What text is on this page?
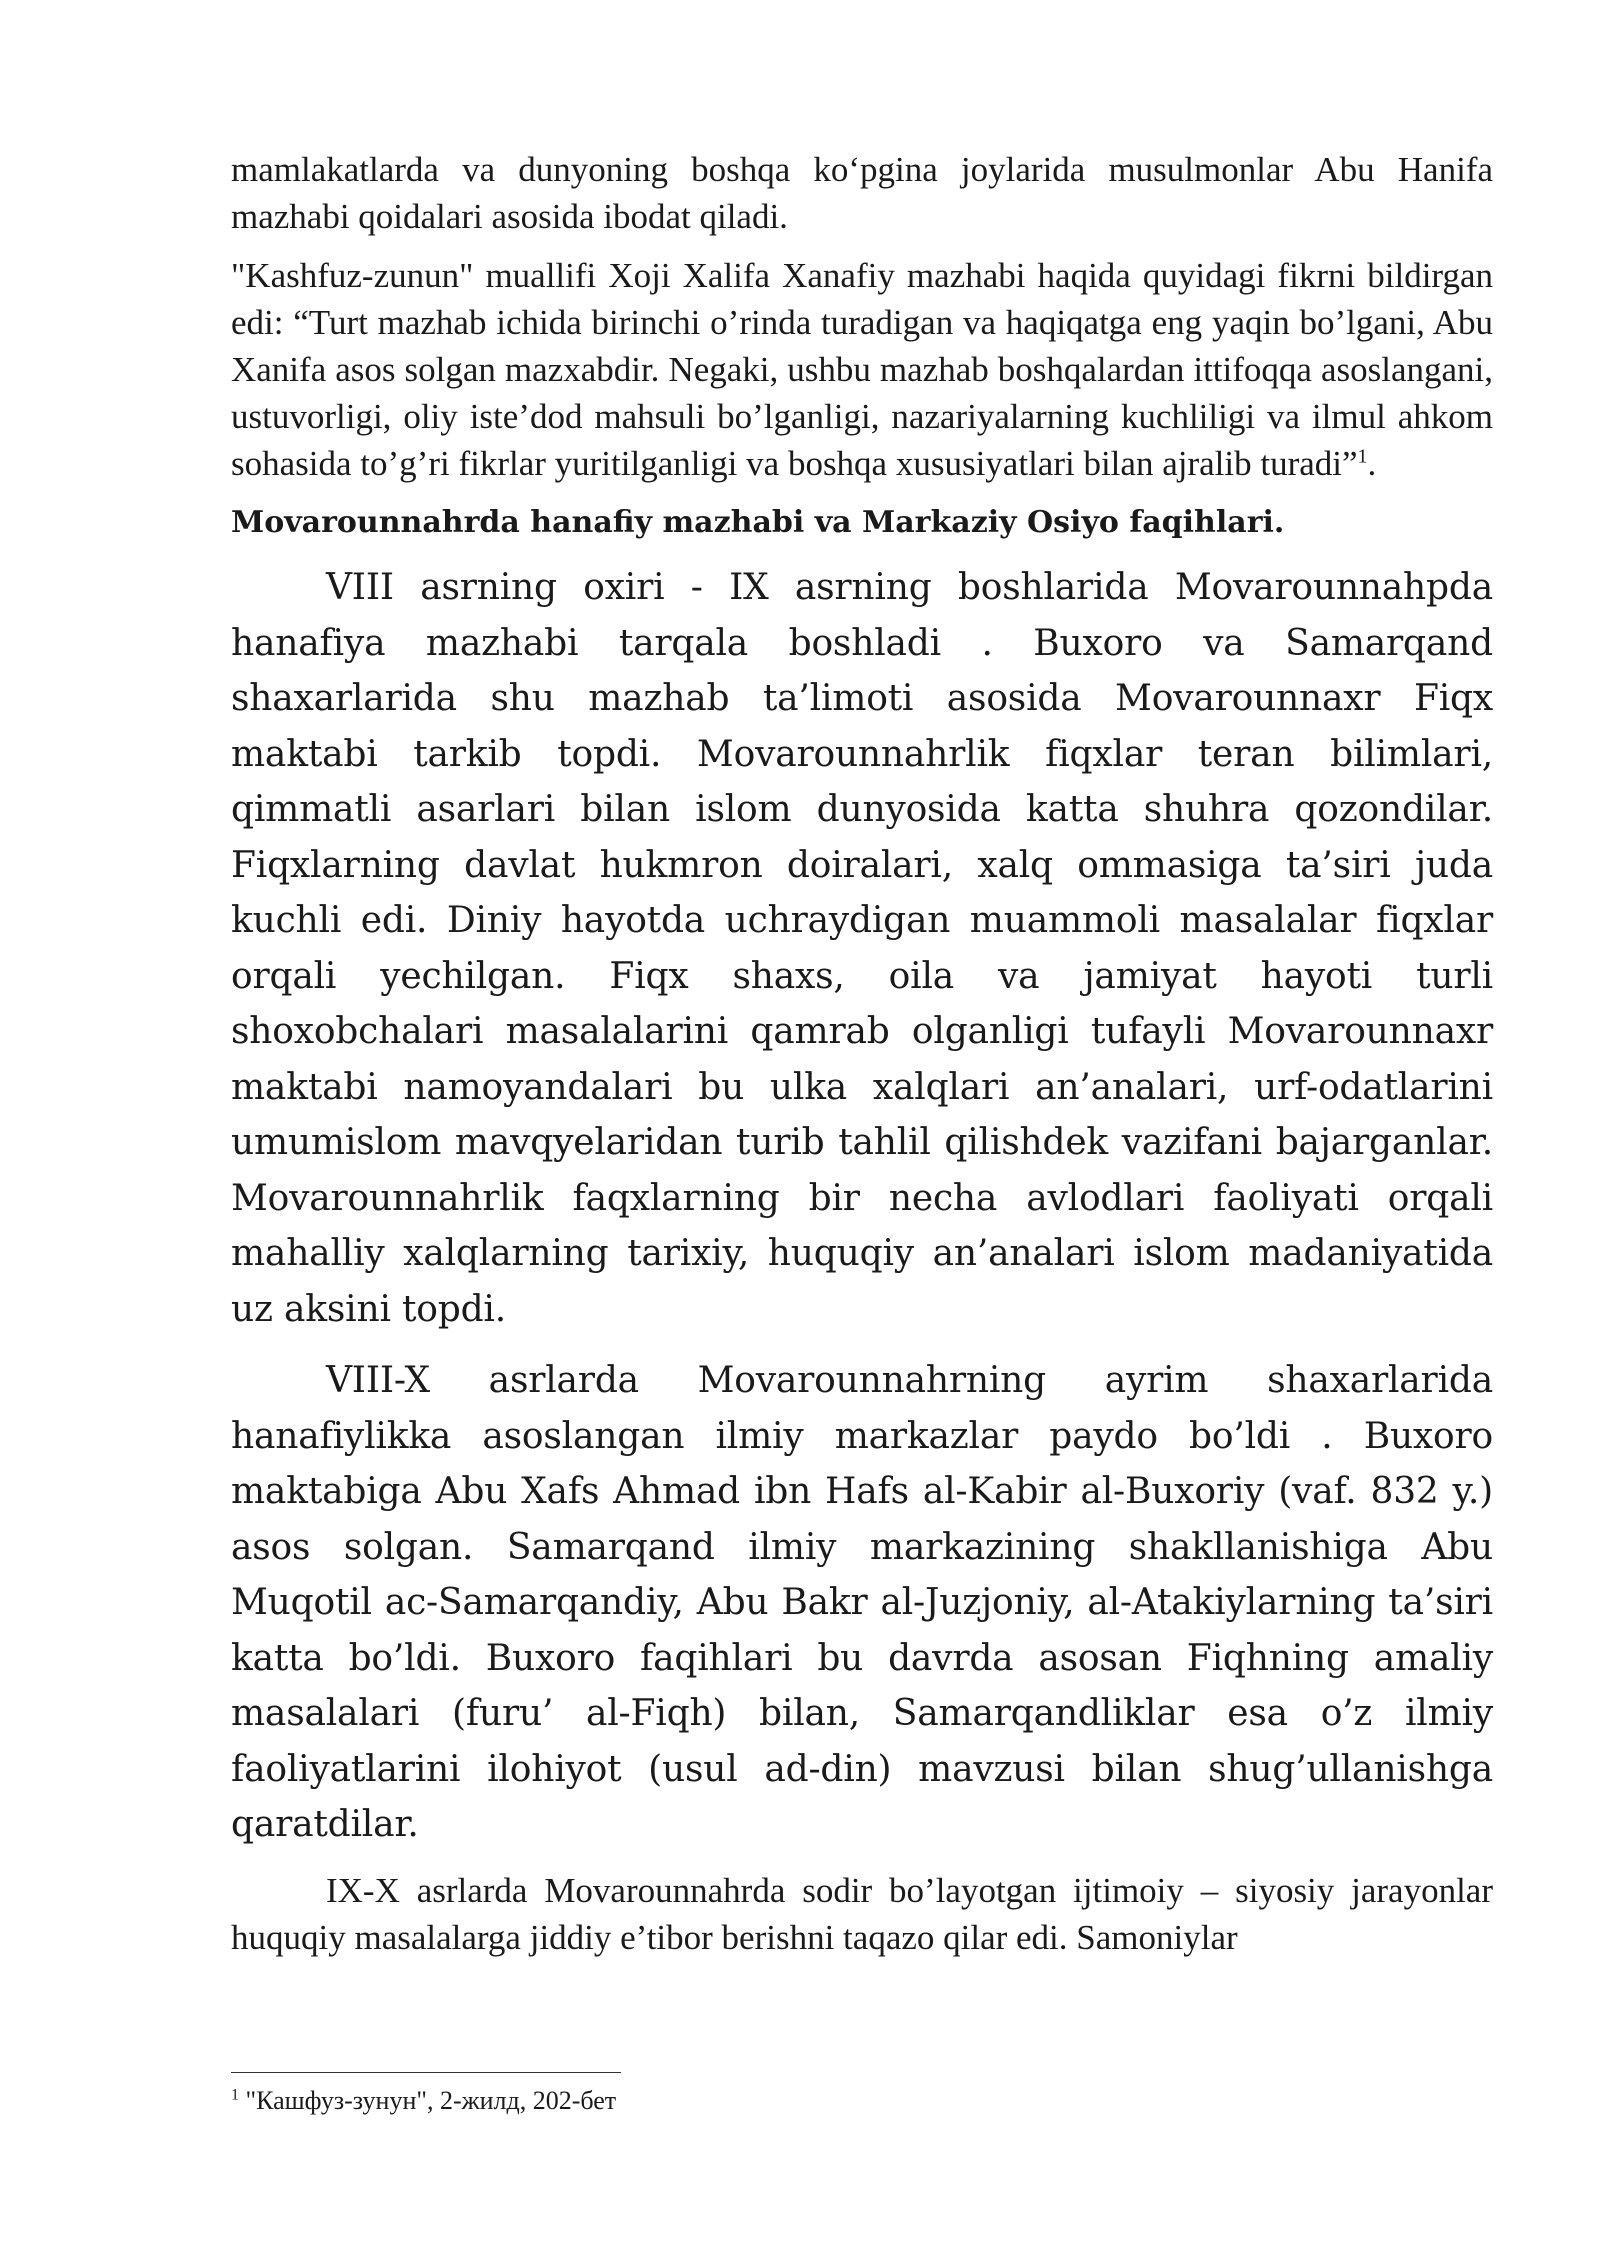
mamlakatlarda va dunyoning boshqa ko‘pgina joylarida musulmonlar Abu Hanifa mazhabi qoidalari asosida ibodat qiladi.

"Kashfuz-zunun" muallifi Xoji Xalifa Xanafiy mazhabi haqida quyidagi fikrni bildirgan edi: “Turt mazhab ichida birinchi o’rinda turadigan va haqiqatga eng yaqin bo’lgani, Abu Xanifa asos solgan mazxabdir. Negaki, ushbu mazhab boshqalardan ittifoqqa asoslangani, ustuvorligi, oliy iste’dod mahsuli bo’lganligi, nazariyalarning kuchliligi va ilmul ahkom sohasida to’g’ri fikrlar yuritilganligi va boshqa xususiyatlari bilan ajralib turadi”$^1$.

Movarounnahrda hanafiy mazhabi va Markaziy Osiyo faqihlari.

VIII asrning oxiri - IX asrning boshlarida Movarounnahpda hanafiya mazhabi tarqala boshladi . Buxoro va Samarqand shaxarlarida shu mazhab ta’limoti asosida Movarounnaxr Fiqx maktabi tarkib topdi. Movarounnahrlik fiqxlar teran bilimlari, qimmatli asarlari bilan islom dunyosida katta shuhra qozondilar. Fiqxlarning davlat hukmron doiralari, xalq ommasiga ta’siri juda kuchli edi. Diniy hayotda uchraydigan muammoli masalalar fiqxlar orqali yechilgan. Fiqx shaxs, oila va jamiyat hayoti turli shoxobchalari masalalarini qamrab olganligi tufayli Movarounnaxr maktabi namoyandalari bu ulka xalqlari an’analari, urf-odatlarini umumislom mavqyelaridan turib tahlil qilishdek vazifani bajarganlar. Movarounnahrlik faqxlarning bir necha avlodlari faoliyati orqali mahalliy xalqlarning tarixiy, huquqiy an’analari islom madaniyatida uz aksini topdi.

VIII-X asrlarda Movarounnahrning ayrim shaxarlarida hanafiylikka asoslangan ilmiy markazlar paydo bo’ldi . Buxoro maktabiga Abu Xafs Ahmad ibn Hafs al-Kabir al-Buxoriy (vaf. 832 y.) asos solgan. Samarqand ilmiy markazining shakllanishiga Abu Muqotil ac-Samarqandiy, Abu Bakr al-Juzjoniy, al-Atakiylarning ta’siri katta bo’ldi. Buxoro faqihlari bu davrda asosan Fiqhning amaliy masalalari (furu’ al-Fiqh) bilan, Samarqandliklar esa o’z ilmiy faoliyatlarini ilohiyot (usul ad-din) mavzusi bilan shug’ullanishga qaratdilar.

IX-X asrlarda Movarounnahrda sodir bo’layotgan ijtimoiy – siyosiy jarayonlar huquqiy masalalarga jiddiy e’tibor berishni taqazo qilar edi. Samoniylar

$^1$ "Кашфуз-зунун", 2-жилд, 202-бет
